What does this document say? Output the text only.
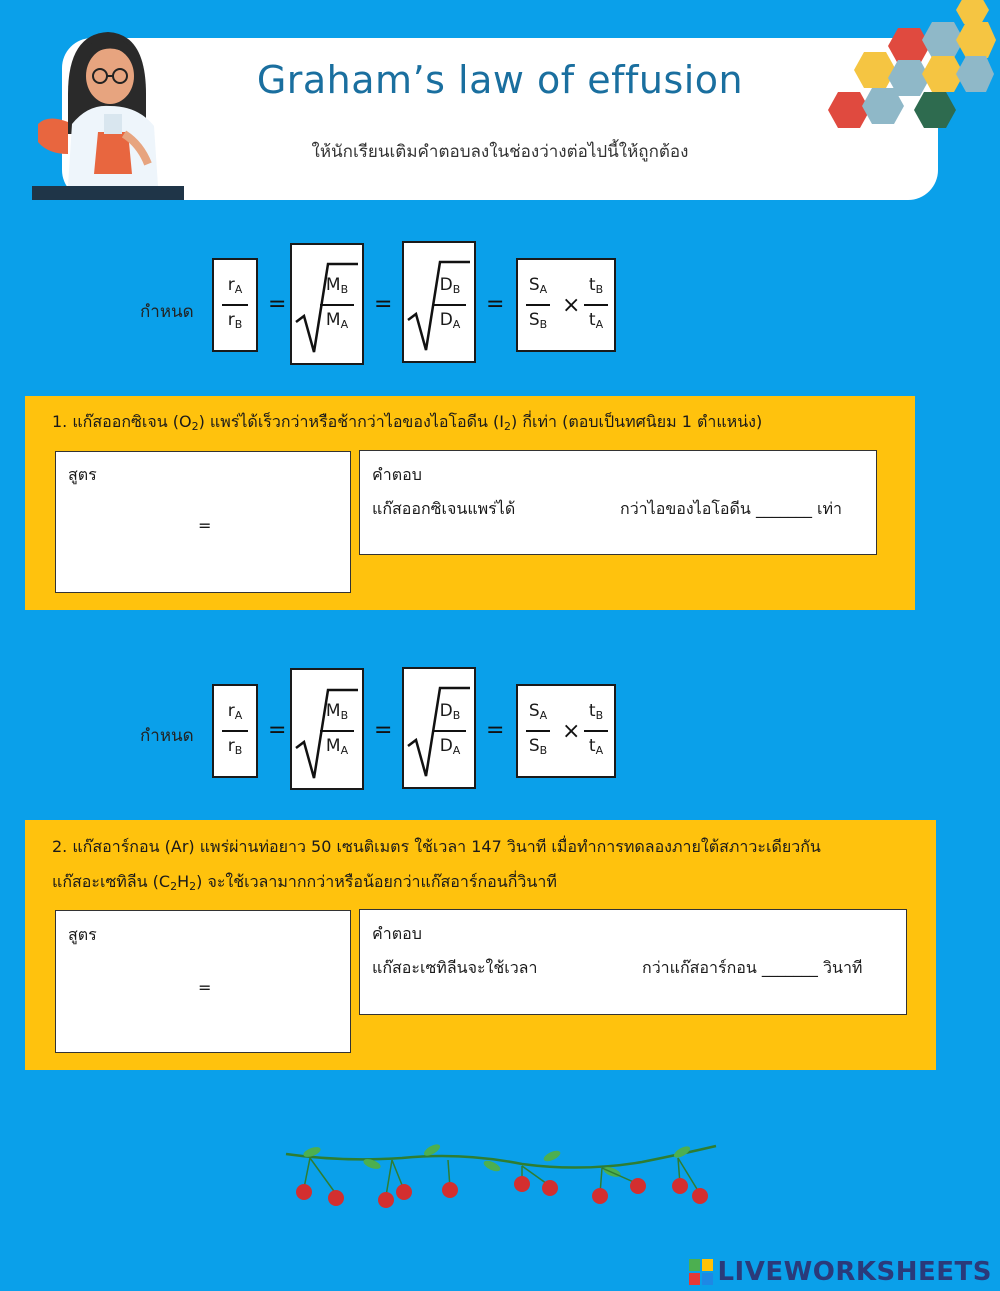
Graham’s law of effusion
ให้นักเรียนเติมคำตอบลงในช่องว่างต่อไปนี้ให้ถูกต้อง
กำหนด
$r_A$
$r_B$
=
$M_B$
$M_A$
=
$D_B$
$D_A$
=
$S_A$
$S_B$
×
$t_B$
$t_A$
1. แก๊สออกซิเจน $(O_2)$ แพร่ได้เร็วกว่าหรือช้ากว่าไอของไอโอดีน $(I_2)$ กี่เท่า (ตอบเป็นทศนิยม 1 ตำแหน่ง)
สูตร
=
คำตอบ
แก๊สออกซิเจนแพร่ได้	กว่าไอของไอโอดีน _______ เท่า
กำหนด
$r_A$
$r_B$
=
$M_B$
$M_A$
=
$D_B$
$D_A$
=
$S_A$
$S_B$
×
$t_B$
$t_A$
2. แก๊สอาร์กอน (Ar) แพร่ผ่านท่อยาว 50 เซนติเมตร ใช้เวลา 147 วินาที เมื่อทำการทดลองภายใต้สภาวะเดียวกัน
แก๊สอะเซทิลีน $(C_2H_2)$ จะใช้เวลามากกว่าหรือน้อยกว่าแก๊สอาร์กอนกี่วินาที
สูตร
=
คำตอบ
แก๊สอะเซทิลีนจะใช้เวลา	กว่าแก๊สอาร์กอน _______ วินาที
LIVEWORKSHEETS
